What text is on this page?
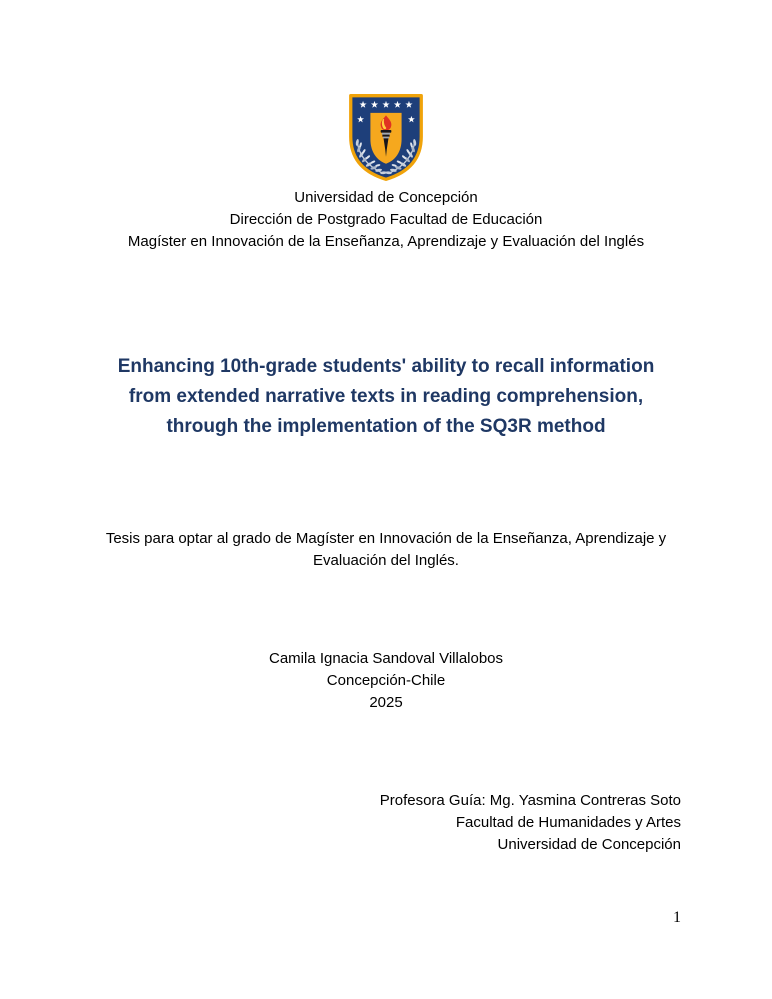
Universidad de Concepción
Dirección de Postgrado Facultad de Educación
Magíster en Innovación de la Enseñanza, Aprendizaje y Evaluación del Inglés
Enhancing 10th-grade students' ability to recall information
from extended narrative texts in reading comprehension,
through the implementation of the SQ3R method
Tesis para optar al grado de Magíster en Innovación de la Enseñanza, Aprendizaje y
Evaluación del Inglés.
Camila Ignacia Sandoval Villalobos
Concepción-Chile
2025
Profesora Guía: Mg. Yasmina Contreras Soto
Facultad de Humanidades y Artes
Universidad de Concepción
1
